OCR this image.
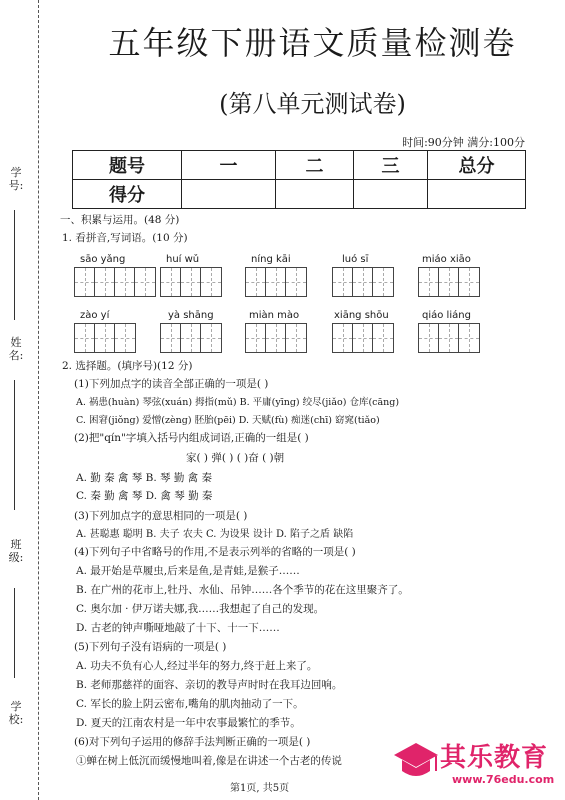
学号:
姓名:
班级:
学校:
五年级下册语文质量检测卷
(第八单元测试卷)
时间:90分钟 满分:100分
题号	一	二	三	总分
得分				
一、积累与运用。(48 分)
1. 看拼音,写词语。(10 分)
sāo yǎng	huí wǔ	níng kāi	luó sī	miáo xiāo
zào yí	yà shāng	miàn mào	xiāng shōu	qiáo liáng
2. 选择题。(填序号)(12 分)
(1)下列加点字的读音全部正确的一项是( )
A. 祸患(huàn) 琴弦(xuán) 拇指(mǔ) B. 平庸(yīng) 绞尽(jiǎo) 仓库(cāng)
C. 困窘(jiǒng) 爱憎(zèng) 胚胎(pēi) D. 天赋(fù) 痴迷(chī) 窈窕(tiǎo)
(2)把"qín"字填入括号内组成词语,正确的一组是( )
家( ) 弹( ) ( )奋 ( )朝
A. 勤 秦 禽 琴 B. 琴 勤 禽 秦
C. 秦 勤 禽 琴 D. 禽 琴 勤 秦
(3)下列加点字的意思相同的一项是( )
A. 甚聪惠 聪明 B. 夫子 农夫 C. 为设果 设计 D. 陷子之盾 缺陷
(4)下列句子中省略号的作用,不是表示列举的省略的一项是( )
A. 最开始是草履虫,后来是鱼,是青蛙,是猴子……
B. 在广州的花市上,牡丹、水仙、吊钟……各个季节的花在这里聚齐了。
C. 奥尔加 · 伊万诺夫娜,我……我想起了自己的发现。
D. 古老的钟声嘶哑地敲了十下、十一下……
(5)下列句子没有语病的一项是( )
A. 功夫不负有心人,经过半年的努力,终于赶上来了。
B. 老师那慈祥的面容、亲切的教导声时时在我耳边回响。
C. 军长的脸上阴云密布,嘴角的肌肉抽动了一下。
D. 夏天的江南农村是一年中农事最繁忙的季节。
(6)对下列句子运用的修辞手法判断正确的一项是( )
①蝉在树上低沉而缓慢地叫着,像是在讲述一个古老的传说
第1页, 共5页
其乐教育
www.76edu.com
